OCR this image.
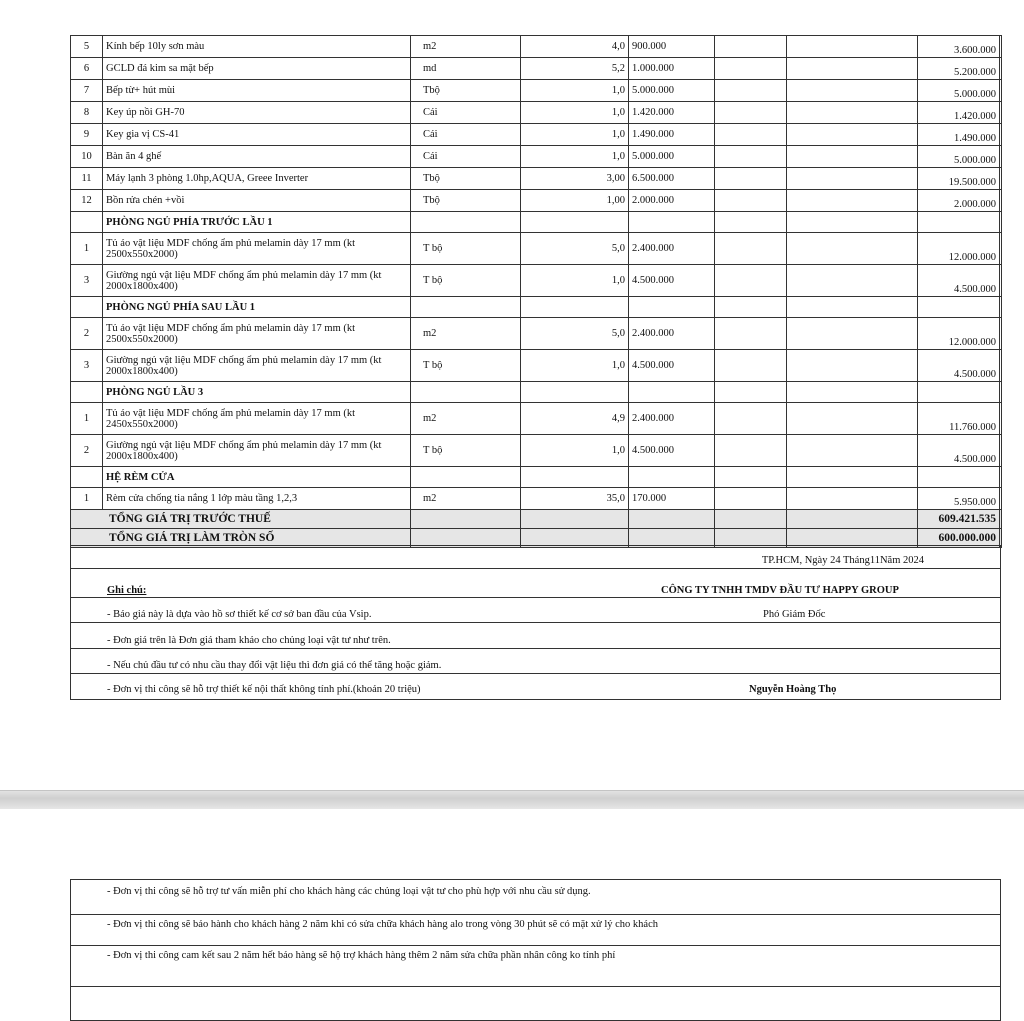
5	Kính bếp 10ly sơn màu	m2	4,0	900.000			3.600.000	
6	GCLD đá kim sa mặt bếp	md	5,2	1.000.000			5.200.000	
7	Bếp từ+ hút mùi	Tbộ	1,0	5.000.000			5.000.000	
8	Key úp nồi GH-70	Cái	1,0	1.420.000			1.420.000	
9	Key gia vị CS-41	Cái	1,0	1.490.000			1.490.000	
10	Bàn ăn 4 ghế	Cái	1,0	5.000.000			5.000.000	
11	Máy lạnh 3 phòng 1.0hp,AQUA, Greee Inverter	Tbộ	3,00	6.500.000			19.500.000	
12	Bồn rửa chén +vồi	Tbộ	1,00	2.000.000			2.000.000	
	PHÒNG NGỦ PHÍA TRƯỚC LẦU 1							
1	Tủ áo vật liệu MDF chống ẩm phủ melamin dày 17 mm (kt 2500x550x2000)	T bộ	5,0	2.400.000			12.000.000	
3	Giường ngủ vật liệu MDF chống ẩm phủ melamin dày 17 mm (kt 2000x1800x400)	T bộ	1,0	4.500.000			4.500.000	
	PHÒNG NGỦ PHÍA SAU LẦU 1							
2	Tủ áo vật liệu MDF chống ẩm phủ melamin dày 17 mm (kt 2500x550x2000)	m2	5,0	2.400.000			12.000.000	
3	Giường ngủ vật liệu MDF chống ẩm phủ melamin dày 17 mm (kt 2000x1800x400)	T bộ	1,0	4.500.000			4.500.000	
	PHÒNG NGỦ LẦU 3							
1	Tủ áo vật liệu MDF chống ẩm phủ melamin dày 17 mm (kt 2450x550x2000)	m2	4,9	2.400.000			11.760.000	
2	Giường ngủ vật liệu MDF chống ẩm phủ melamin dày 17 mm (kt 2000x1800x400)	T bộ	1,0	4.500.000			4.500.000	
	HỆ RÈM CỬA							
1	Rèm cửa chống tia nắng 1 lớp màu tầng 1,2,3	m2	35,0	170.000			5.950.000	
TỔNG GIÁ TRỊ TRƯỚC THUẾ							609.421.535	
TỔNG GIÁ TRỊ LÀM TRÒN SỐ							600.000.000	
TP.HCM, Ngày 24 Tháng11Năm 2024
Ghi chú:	CÔNG TY TNHH TMDV ĐẦU TƯ HAPPY GROUP
- Báo giá này là dựa vào hồ sơ thiết kế cơ sở ban đầu của Vsip.	Phó Giám Đốc
- Đơn giá trên là Đơn giá tham khảo cho chủng loại vật tư như trên.
- Nếu chủ đầu tư có nhu cầu thay đổi vật liệu thì đơn giá có thể tăng hoặc giảm.
- Đơn vị thi công sẽ hỗ trợ thiết kế nội thất không tính phí.(khoản 20 triệu)	Nguyễn Hoàng Thọ
- Đơn vị thi công sẽ hỗ trợ tư vấn miễn phí cho khách hàng các chủng loại vật tư cho phù hợp với nhu cầu sử dụng.
- Đơn vị thi công sẽ bảo hành cho khách hàng 2 năm khi có sửa chữa khách hàng alo trong vòng 30 phút sẽ có mặt xử lý cho khách
- Đơn vị thi công cam kết sau 2 năm hết bảo hàng sẽ hộ trợ khách hàng thêm 2 năm sửa chữa phần nhân công ko tính phí
